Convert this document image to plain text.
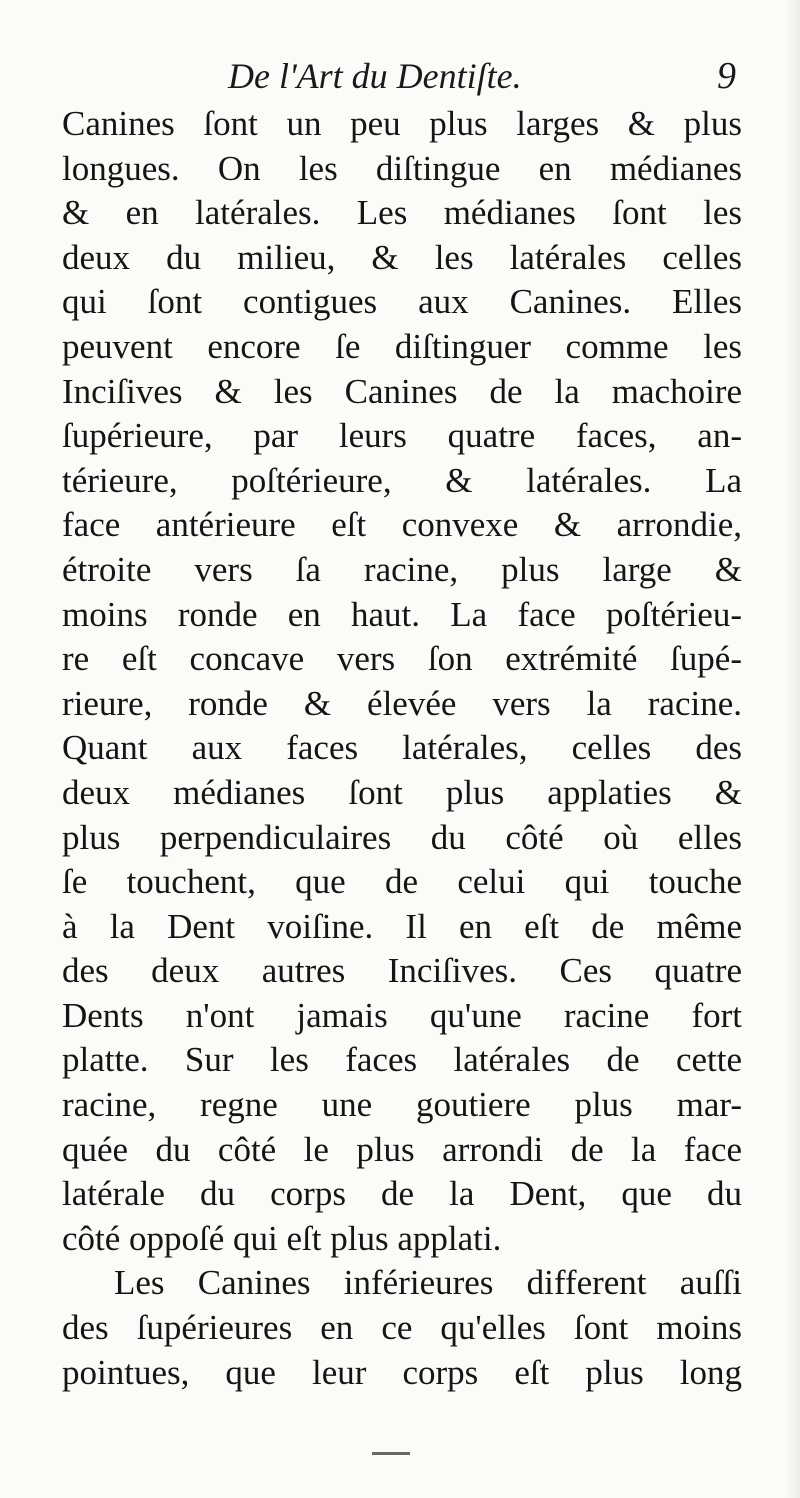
De l'Art du Dentiſte.	9
Canines ſont un peu plus larges & plus
longues. On les diſtingue en médianes
& en latérales. Les médianes ſont les
deux du milieu, & les latérales celles
qui ſont contigues aux Canines. Elles
peuvent encore ſe diſtinguer comme les
Inciſives & les Canines de la machoire
ſupérieure, par leurs quatre faces, an-
térieure, poſtérieure, & latérales. La
face antérieure eſt convexe & arrondie,
étroite vers ſa racine, plus large &
moins ronde en haut. La face poſtérieu-
re eſt concave vers ſon extrémité ſupé-
rieure, ronde & élevée vers la racine.
Quant aux faces latérales, celles des
deux médianes ſont plus applaties &
plus perpendiculaires du côté où elles
ſe touchent, que de celui qui touche
à la Dent voiſine. Il en eſt de même
des deux autres Inciſives. Ces quatre
Dents n'ont jamais qu'une racine fort
platte. Sur les faces latérales de cette
racine, regne une goutiere plus mar-
quée du côté le plus arrondi de la face
latérale du corps de la Dent, que du
côté oppoſé qui eſt plus applati.
Les Canines inférieures different auſſi
des ſupérieures en ce qu'elles ſont moins
pointues, que leur corps eſt plus long
